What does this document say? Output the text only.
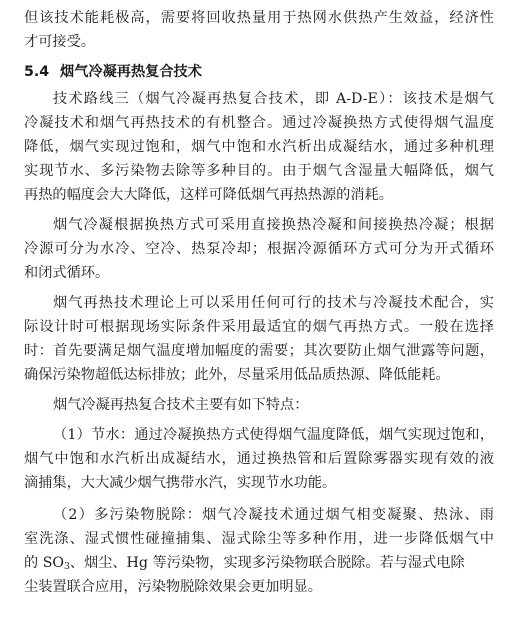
但该技术能耗极高，需要将回收热量用于热网水供热产生效益，经济性
才可接受。
5.4 烟气冷凝再热复合技术
技术路线三（烟气冷凝再热复合技术，即 A-D-E）：该技术是烟气
冷凝技术和烟气再热技术的有机整合。通过冷凝换热方式使得烟气温度
降低，烟气实现过饱和，烟气中饱和水汽析出成凝结水，通过多种机理
实现节水、多污染物去除等多种目的。由于烟气含湿量大幅降低，烟气
再热的幅度会大大降低，这样可降低烟气再热热源的消耗。
烟气冷凝根据换热方式可采用直接换热冷凝和间接换热冷凝；根据
冷源可分为水冷、空冷、热泵冷却；根据冷源循环方式可分为开式循环
和闭式循环。
烟气再热技术理论上可以采用任何可行的技术与冷凝技术配合，实
际设计时可根据现场实际条件采用最适宜的烟气再热方式。一般在选择
时：首先要满足烟气温度增加幅度的需要；其次要防止烟气泄露等问题，
确保污染物超低达标排放；此外，尽量采用低品质热源、降低能耗。
烟气冷凝再热复合技术主要有如下特点：
（1）节水：通过冷凝换热方式使得烟气温度降低，烟气实现过饱和，
烟气中饱和水汽析出成凝结水，通过换热管和后置除雾器实现有效的液
滴捕集，大大减少烟气携带水汽，实现节水功能。
（2）多污染物脱除：烟气冷凝技术通过烟气相变凝聚、热泳、雨
室洗涤、湿式惯性碰撞捕集、湿式除尘等多种作用，进一步降低烟气中
的 $SO_3$、烟尘、Hg 等污染物，实现多污染物联合脱除。若与湿式电除
尘装置联合应用，污染物脱除效果会更加明显。
